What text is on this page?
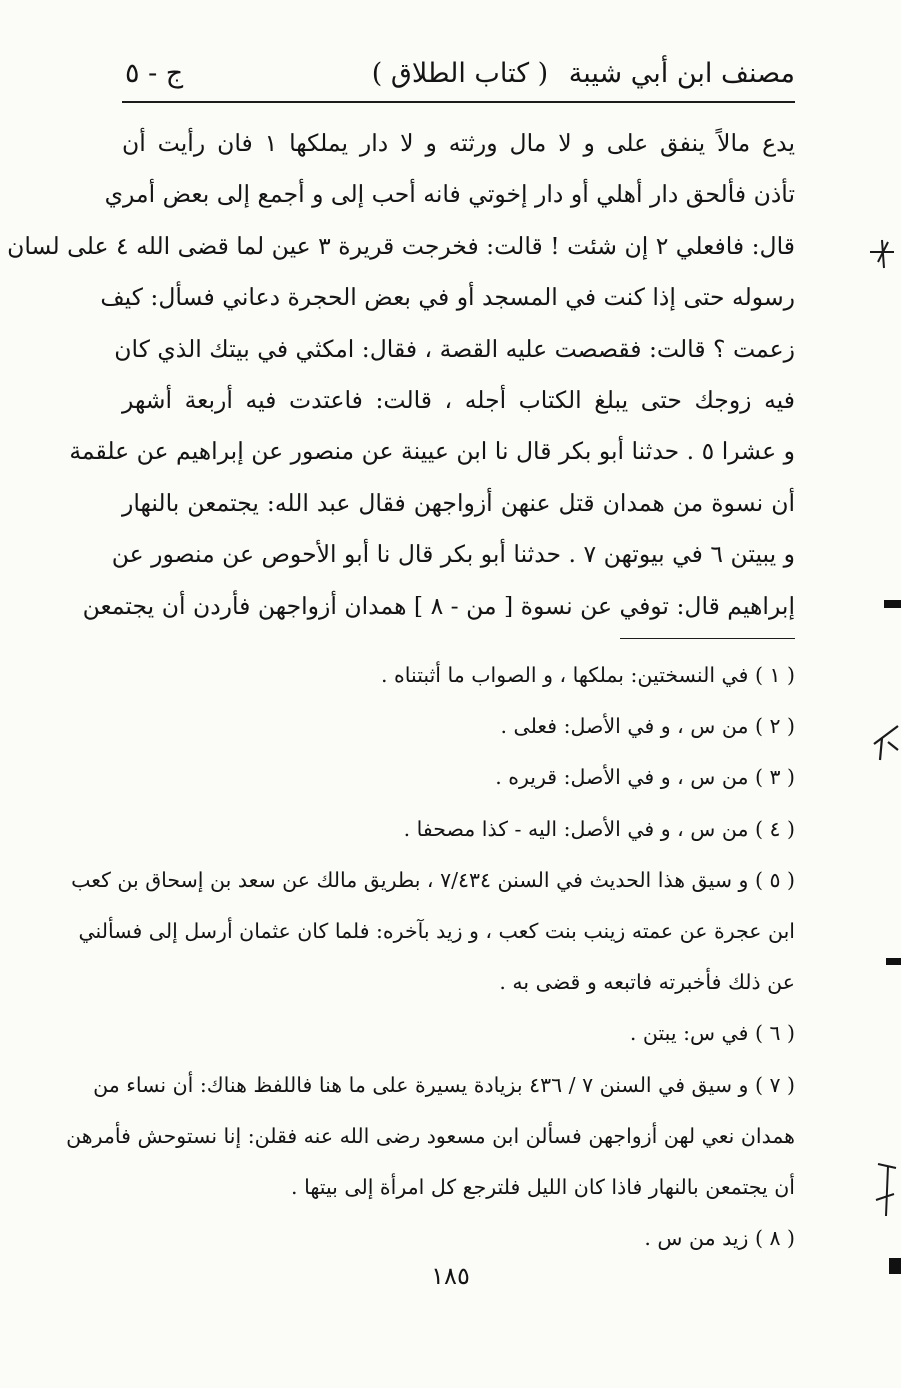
مصنف ابن أبي شيبة
( كتاب الطلاق )
ج - ٥
يدع مالاً ينفق على و لا مال ورثته و لا دار يملكها ١ فان رأيت أن
تأذن فألحق دار أهلي أو دار إخوتي فانه أحب إلى و أجمع إلى بعض أمري
قال: فافعلي ٢ إن شئت ! قالت: فخرجت قريرة ٣ عين لما قضى الله ٤ على لسان
رسوله حتى إذا كنت في المسجد أو في بعض الحجرة دعاني فسأل: كيف
زعمت ؟ قالت: فقصصت عليه القصة ، فقال: امكثي في بيتك الذي كان
فيه زوجك حتى يبلغ الكتاب أجله ، قالت: فاعتدت فيه أربعة أشهر
و عشرا ٥ . حدثنا أبو بكر قال نا ابن عيينة عن منصور عن إبراهيم عن علقمة
أن نسوة من همدان قتل عنهن أزواجهن فقال عبد الله: يجتمعن بالنهار
و يبيتن ٦ في بيوتهن ٧ . حدثنا أبو بكر قال نا أبو الأحوص عن منصور عن
إبراهيم قال: توفي عن نسوة [ من - ٨ ] همدان أزواجهن فأردن أن يجتمعن
( ١ ) في النسختين: بملكها ، و الصواب ما أثبتناه .
( ٢ ) من س ، و في الأصل: فعلى .
( ٣ ) من س ، و في الأصل: قريره .
( ٤ ) من س ، و في الأصل: اليه - كذا مصحفا .
( ٥ ) و سيق هذا الحديث في السنن ٧/٤٣٤ ، بطريق مالك عن سعد بن إسحاق بن كعب
ابن عجرة عن عمته زينب بنت كعب ، و زيد بآخره: فلما كان عثمان أرسل إلى فسألني
عن ذلك فأخبرته فاتبعه و قضى به .
( ٦ ) في س: يبتن .
( ٧ ) و سيق في السنن ٧ / ٤٣٦ بزيادة يسيرة على ما هنا فاللفظ هناك: أن نساء من
همدان نعي لهن أزواجهن فسألن ابن مسعود رضى الله عنه فقلن: إنا نستوحش فأمرهن
أن يجتمعن بالنهار فاذا كان الليل فلترجع كل امرأة إلى بيتها .
( ٨ ) زيد من س .
١٨٥
